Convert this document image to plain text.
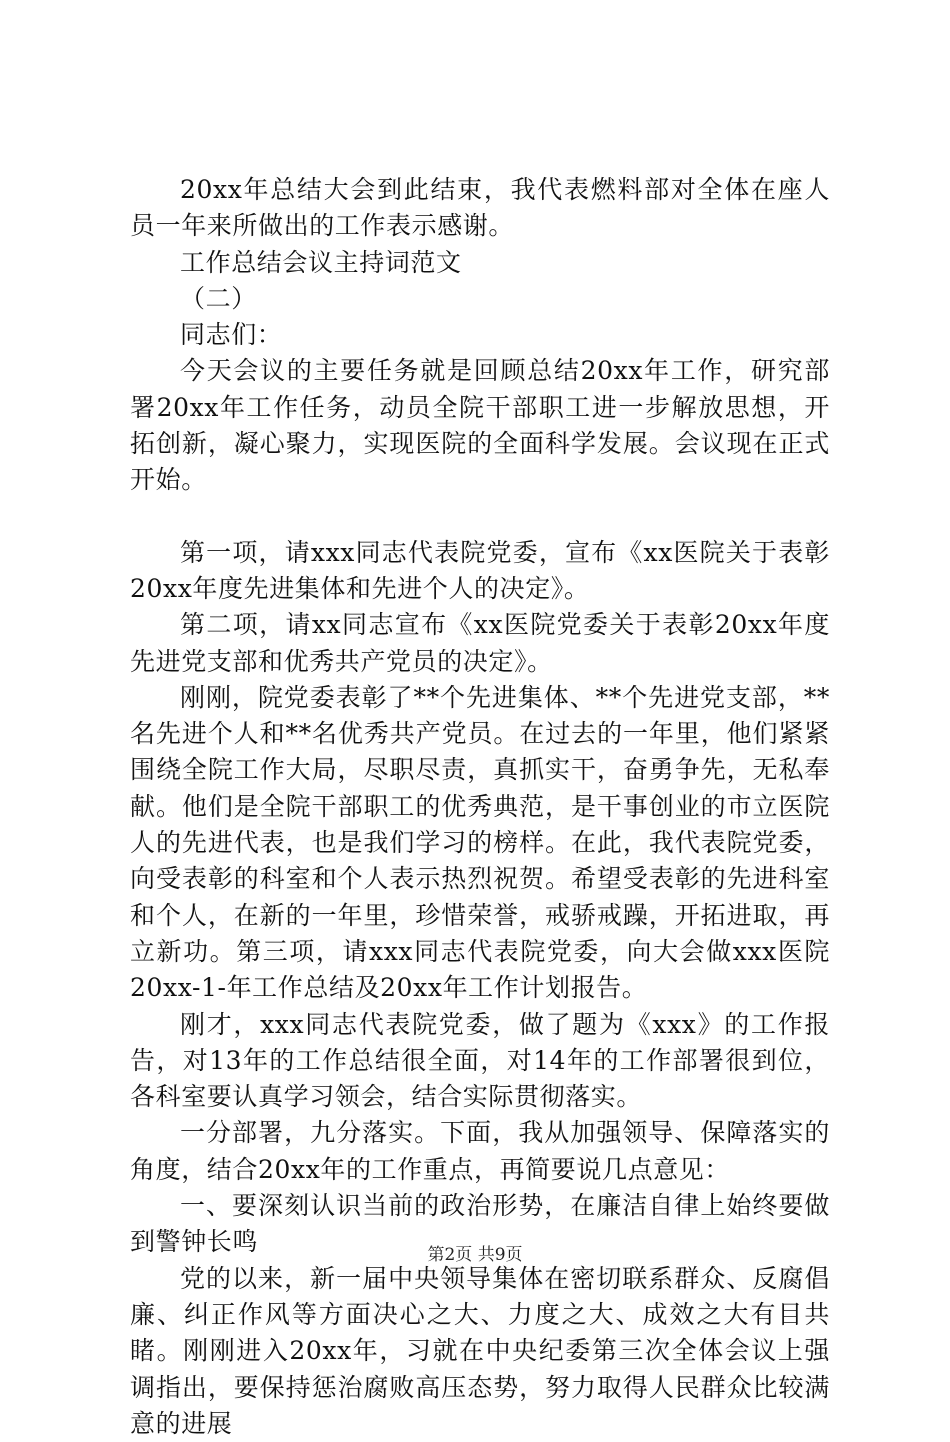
20xx年总结大会到此结束，我代表燃料部对全体在座人员一年来所做出的工作表示感谢。

工作总结会议主持词范文

（二）

同志们：

今天会议的主要任务就是回顾总结20xx年工作，研究部署20xx年工作任务，动员全院干部职工进一步解放思想，开拓创新，凝心聚力，实现医院的全面科学发展。会议现在正式开始。

第一项，请xxx同志代表院党委，宣布《xx医院关于表彰20xx年度先进集体和先进个人的决定》。

第二项，请xx同志宣布《xx医院党委关于表彰20xx年度先进党支部和优秀共产党员的决定》。

刚刚，院党委表彰了**个先进集体、**个先进党支部，**名先进个人和**名优秀共产党员。在过去的一年里，他们紧紧围绕全院工作大局，尽职尽责，真抓实干，奋勇争先，无私奉献。他们是全院干部职工的优秀典范，是干事创业的市立医院人的先进代表，也是我们学习的榜样。在此，我代表院党委，向受表彰的科室和个人表示热烈祝贺。希望受表彰的先进科室和个人，在新的一年里，珍惜荣誉，戒骄戒躁，开拓进取，再立新功。第三项，请xxx同志代表院党委，向大会做xxx医院20xx-1-年工作总结及20xx年工作计划报告。

刚才，xxx同志代表院党委，做了题为《xxx》的工作报告，对13年的工作总结很全面，对14年的工作部署很到位，各科室要认真学习领会，结合实际贯彻落实。

一分部署，九分落实。下面，我从加强领导、保障落实的角度，结合20xx年的工作重点，再简要说几点意见：

一、要深刻认识当前的政治形势，在廉洁自律上始终要做到警钟长鸣

党的以来，新一届中央领导集体在密切联系群众、反腐倡廉、纠正作风等方面决心之大、力度之大、成效之大有目共睹。刚刚进入20xx年，习就在中央纪委第三次全体会议上强调指出，要保持惩治腐败高压态势，努力取得人民群众比较满意的进展

第2页 共9页
